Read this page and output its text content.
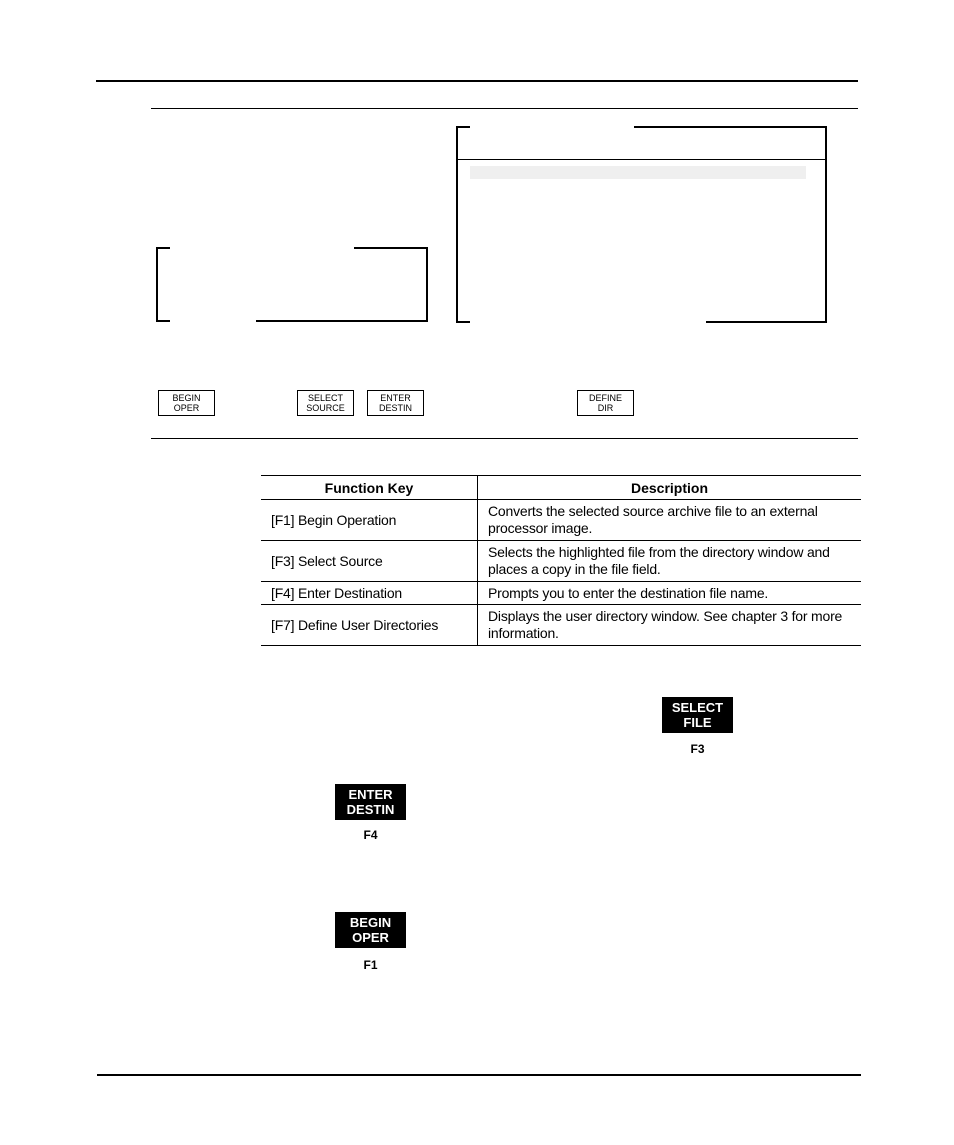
BEGIN
OPER
SELECT
SOURCE
ENTER
DESTIN
DEFINE
DIR
Function Key	Description
[F1] Begin Operation	Converts the selected source archive file to an external processor image.
[F3] Select Source	Selects the highlighted file from the directory window and places a copy in the file field.
[F4] Enter Destination	Prompts you to enter the destination file name.
[F7] Define User Directories	Displays the user directory window. See chapter 3 for more information.
SELECT
FILE
F3
ENTER
DESTIN
F4
BEGIN
OPER
F1
